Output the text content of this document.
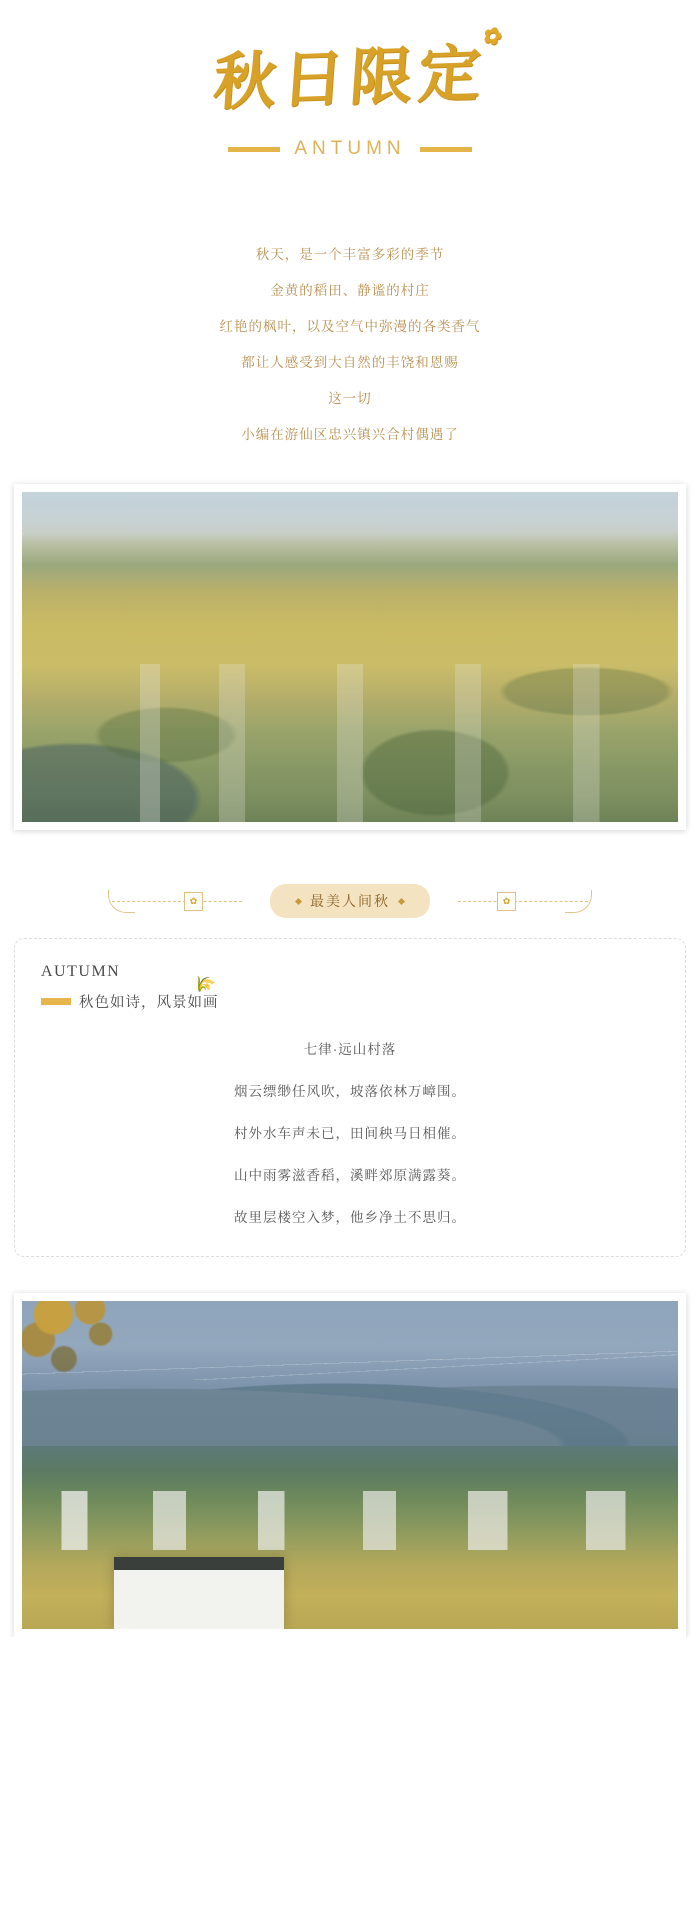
秋日限定
✿
ANTUMN

秋天，是一个丰富多彩的季节

金黄的稻田、静谧的村庄

红艳的枫叶，以及空气中弥漫的各类香气

都让人感受到大自然的丰饶和恩赐

这一切

小编在游仙区忠兴镇兴合村偶遇了

✿	✿
最美人间秋
AUTUMN
秋色如诗，风景如画
🌾
七律·远山村落
烟云缥缈任风吹，坡落依林万嶂围。
村外水车声未已，田间秧马日相催。
山中雨雾滋香稻，溪畔郊原满露葵。
故里层楼空入梦，他乡净土不思归。
